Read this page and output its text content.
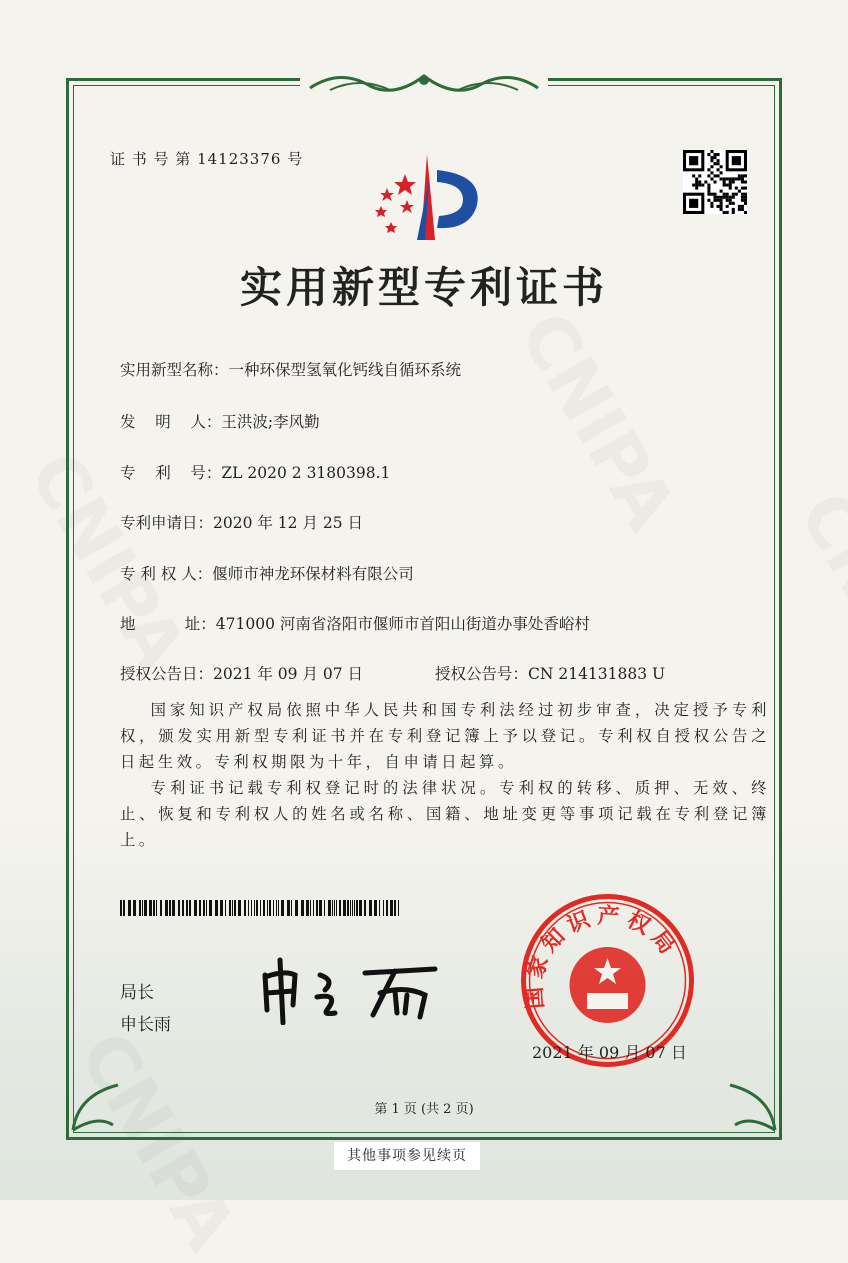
证 书 号 第 14123376 号
实用新型专利证书
实用新型名称：一种环保型氢氧化钙线自循环系统
发    明    人：王洪波;李风勤
专    利    号：ZL 2020 2 3180398.1
专利申请日：2020 年 12 月 25 日
专 利 权 人：偃师市神龙环保材料有限公司
地          址：471000 河南省洛阳市偃师市首阳山街道办事处香峪村
授权公告日：2021 年 09 月 07 日	授权公告号：CN 214131883 U
国家知识产权局依照中华人民共和国专利法经过初步审查，决定授予专利权，颁发实用新型专利证书并在专利登记簿上予以登记。专利权自授权公告之日起生效。专利权期限为十年，自申请日起算。
专利证书记载专利权登记时的法律状况。专利权的转移、质押、无效、终止、恢复和专利权人的姓名或名称、国籍、地址变更等事项记载在专利登记簿上。
局长
申长雨
国家知识产权局
2021 年 09 月 07 日
第 1 页 (共 2 页)
其他事项参见续页
